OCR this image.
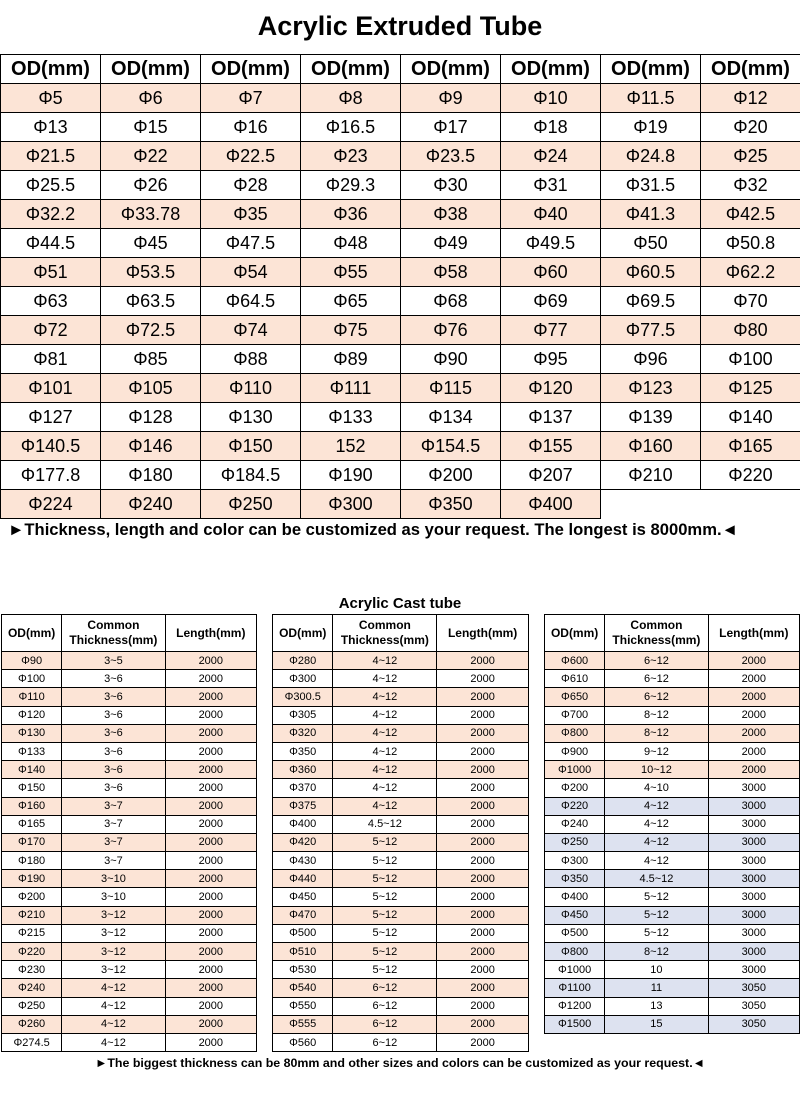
Acrylic Extruded Tube
OD(mm)	OD(mm)	OD(mm)	OD(mm)	OD(mm)	OD(mm)	OD(mm)	OD(mm)
Φ5	Φ6	Φ7	Φ8	Φ9	Φ10	Φ11.5	Φ12
Φ13	Φ15	Φ16	Φ16.5	Φ17	Φ18	Φ19	Φ20
Φ21.5	Φ22	Φ22.5	Φ23	Φ23.5	Φ24	Φ24.8	Φ25
Φ25.5	Φ26	Φ28	Φ29.3	Φ30	Φ31	Φ31.5	Φ32
Φ32.2	Φ33.78	Φ35	Φ36	Φ38	Φ40	Φ41.3	Φ42.5
Φ44.5	Φ45	Φ47.5	Φ48	Φ49	Φ49.5	Φ50	Φ50.8
Φ51	Φ53.5	Φ54	Φ55	Φ58	Φ60	Φ60.5	Φ62.2
Φ63	Φ63.5	Φ64.5	Φ65	Φ68	Φ69	Φ69.5	Φ70
Φ72	Φ72.5	Φ74	Φ75	Φ76	Φ77	Φ77.5	Φ80
Φ81	Φ85	Φ88	Φ89	Φ90	Φ95	Φ96	Φ100
Φ101	Φ105	Φ110	Φ111	Φ115	Φ120	Φ123	Φ125
Φ127	Φ128	Φ130	Φ133	Φ134	Φ137	Φ139	Φ140
Φ140.5	Φ146	Φ150	152	Φ154.5	Φ155	Φ160	Φ165
Φ177.8	Φ180	Φ184.5	Φ190	Φ200	Φ207	Φ210	Φ220
Φ224	Φ240	Φ250	Φ300	Φ350	Φ400		
►Thickness, length and color can be customized as your request. The longest is 8000mm.◄
Acrylic Cast tube
OD(mm)	Common Thickness(mm)	Length(mm)
Φ90	3~5	2000
Φ100	3~6	2000
Φ110	3~6	2000
Φ120	3~6	2000
Φ130	3~6	2000
Φ133	3~6	2000
Φ140	3~6	2000
Φ150	3~6	2000
Φ160	3~7	2000
Φ165	3~7	2000
Φ170	3~7	2000
Φ180	3~7	2000
Φ190	3~10	2000
Φ200	3~10	2000
Φ210	3~12	2000
Φ215	3~12	2000
Φ220	3~12	2000
Φ230	3~12	2000
Φ240	4~12	2000
Φ250	4~12	2000
Φ260	4~12	2000
Φ274.5	4~12	2000
OD(mm)	Common Thickness(mm)	Length(mm)
Φ280	4~12	2000
Φ300	4~12	2000
Φ300.5	4~12	2000
Φ305	4~12	2000
Φ320	4~12	2000
Φ350	4~12	2000
Φ360	4~12	2000
Φ370	4~12	2000
Φ375	4~12	2000
Φ400	4.5~12	2000
Φ420	5~12	2000
Φ430	5~12	2000
Φ440	5~12	2000
Φ450	5~12	2000
Φ470	5~12	2000
Φ500	5~12	2000
Φ510	5~12	2000
Φ530	5~12	2000
Φ540	6~12	2000
Φ550	6~12	2000
Φ555	6~12	2000
Φ560	6~12	2000
OD(mm)	Common Thickness(mm)	Length(mm)
Φ600	6~12	2000
Φ610	6~12	2000
Φ650	6~12	2000
Φ700	8~12	2000
Φ800	8~12	2000
Φ900	9~12	2000
Φ1000	10~12	2000
Φ200	4~10	3000
Φ220	4~12	3000
Φ240	4~12	3000
Φ250	4~12	3000
Φ300	4~12	3000
Φ350	4.5~12	3000
Φ400	5~12	3000
Φ450	5~12	3000
Φ500	5~12	3000
Φ800	8~12	3000
Φ1000	10	3000
Φ1100	11	3050
Φ1200	13	3050
Φ1500	15	3050
►The biggest thickness can be 80mm and other sizes and colors can be customized as your request.◄
